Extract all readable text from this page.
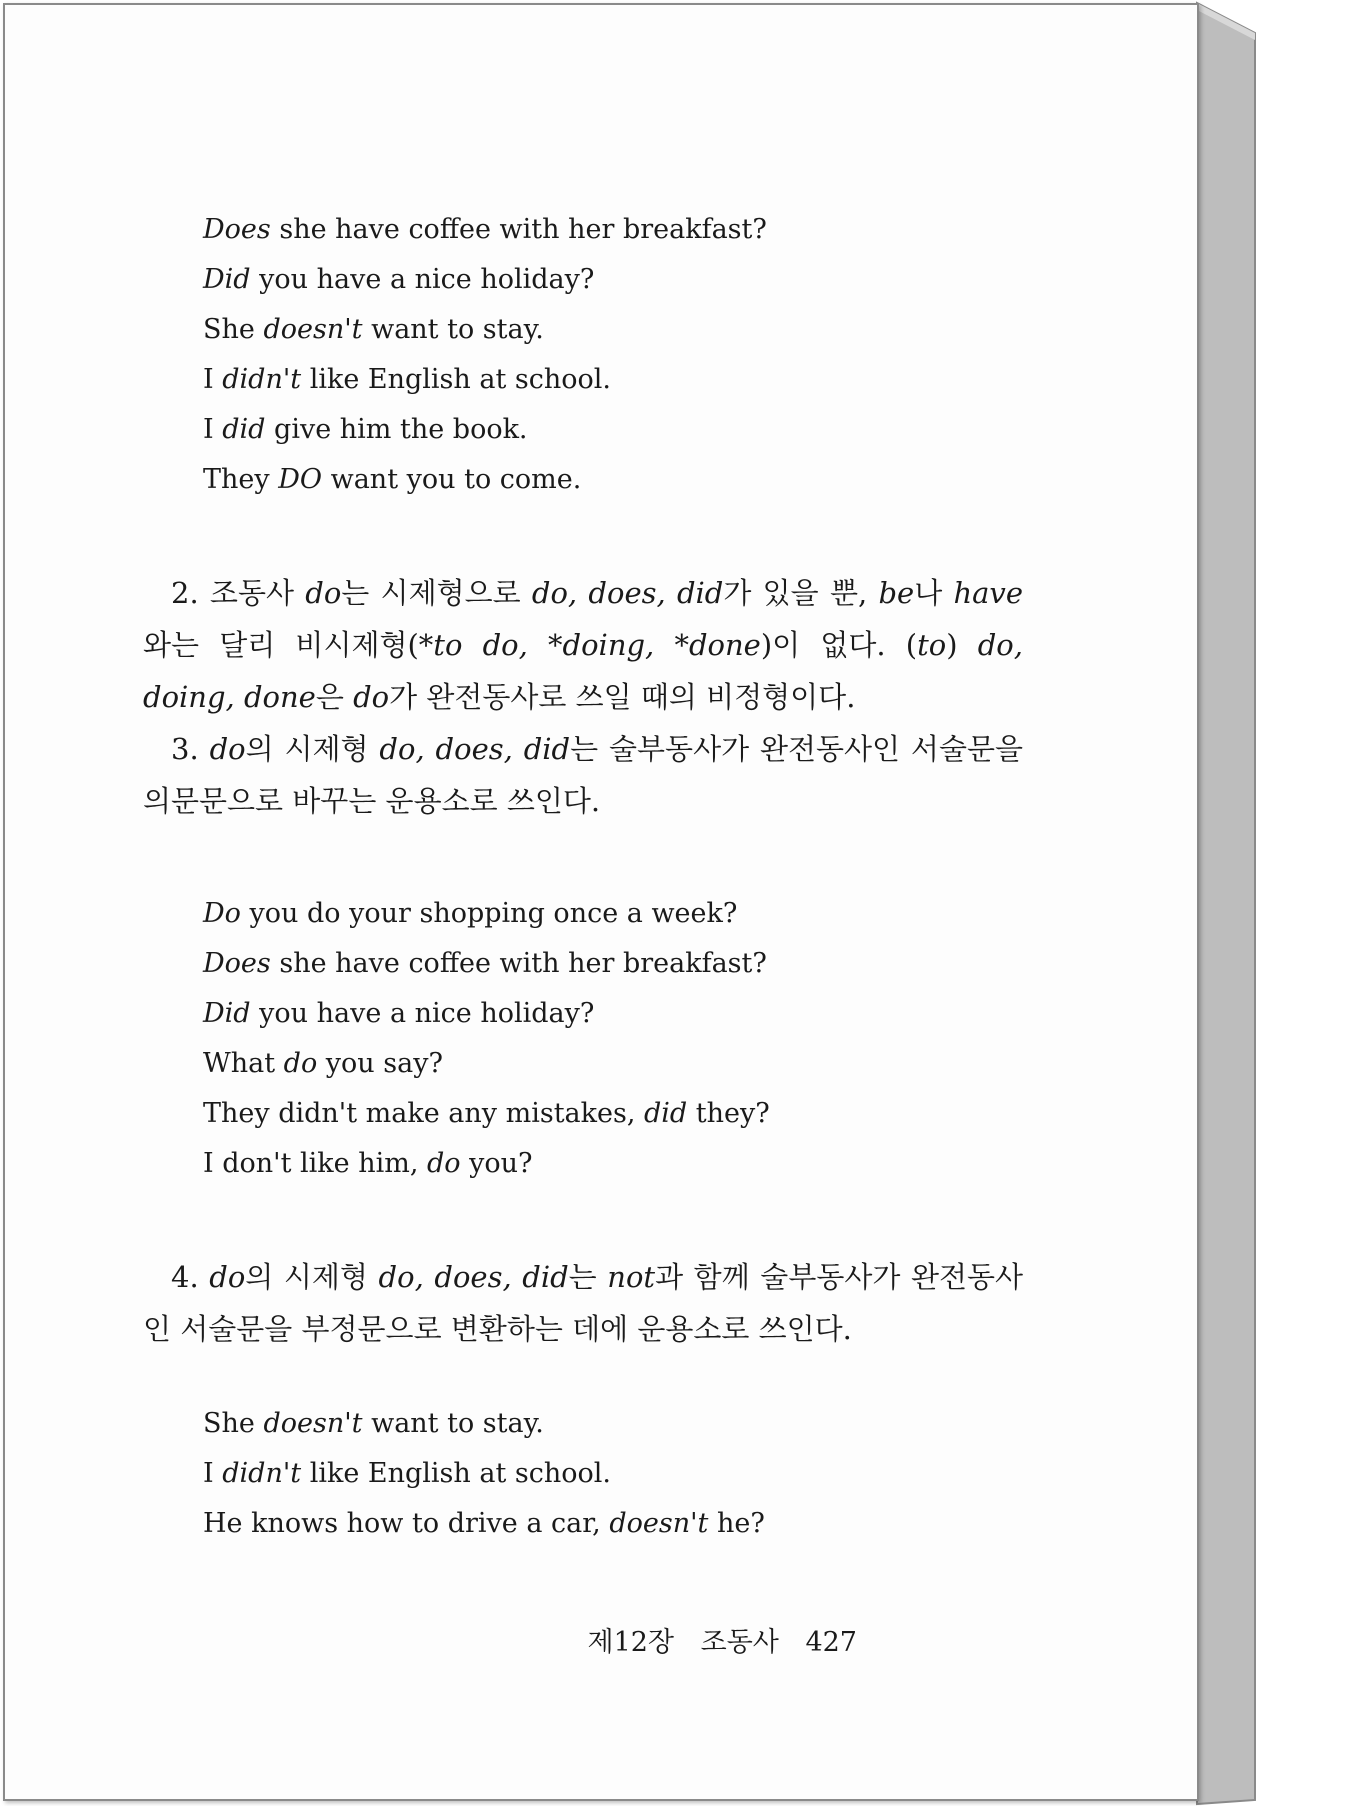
Does she have coffee with her breakfast?
Did you have a nice holiday?
She doesn't want to stay.
I didn't like English at school.
I did give him the book.
They DO want you to come.
2. 조동사 do는 시제형으로 do, does, did가 있을 뿐, be나 have와는 달리 비시제형(*to do, *doing, *done)이 없다. (to) do, doing, done은 do가 완전동사로 쓰일 때의 비정형이다.
3. do의 시제형 do, does, did는 술부동사가 완전동사인 서술문을 의문문으로 바꾸는 운용소로 쓰인다.
Do you do your shopping once a week?
Does she have coffee with her breakfast?
Did you have a nice holiday?
What do you say?
They didn't make any mistakes, did they?
I don't like him, do you?
4. do의 시제형 do, does, did는 not과 함께 술부동사가 완전동사인 서술문을 부정문으로 변환하는 데에 운용소로 쓰인다.
She doesn't want to stay.
I didn't like English at school.
He knows how to drive a car, doesn't he?
제12장 조동사 427
